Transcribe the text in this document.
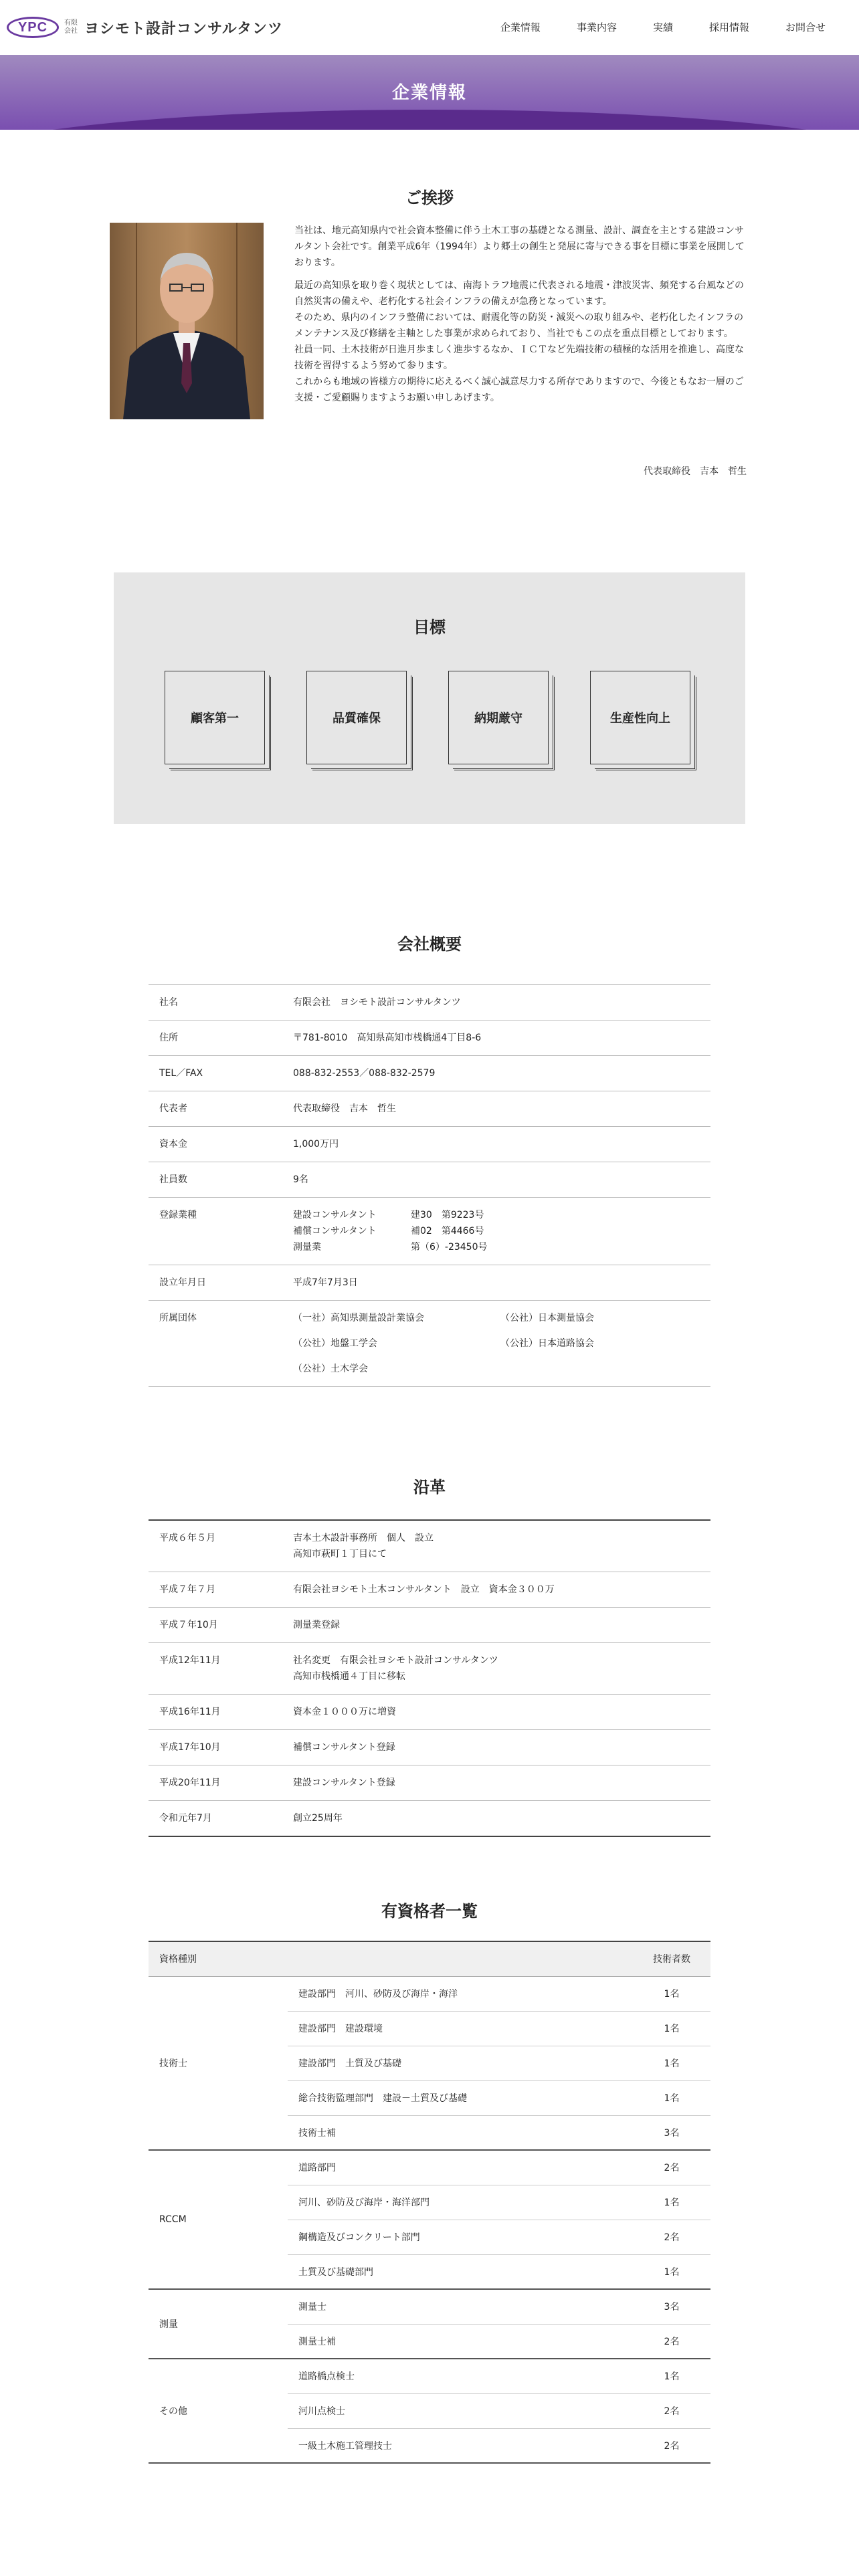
YPC	有限会社 ヨシモト設計コンサルタンツ	企業情報	事業内容	実績	採用情報	お問合せ
企業情報
ご挨拶

当社は、地元高知県内で社会資本整備に伴う土木工事の基礎となる測量、設計、調査を主とする建設コンサルタント会社です。創業平成6年（1994年）より郷土の創生と発展に寄与できる事を目標に事業を展開しております。

最近の高知県を取り巻く現状としては、南海トラフ地震に代表される地震・津波災害、頻発する台風などの自然災害の備えや、老朽化する社会インフラの備えが急務となっています。

そのため、県内のインフラ整備においては、耐震化等の防災・減災への取り組みや、老朽化したインフラのメンテナンス及び修繕を主軸とした事業が求められており、当社でもこの点を重点目標としております。

社員一同、土木技術が日進月歩ましく進歩するなか、ＩＣＴなど先端技術の積極的な活用を推進し、高度な技術を習得するよう努めて参ります。

これからも地域の皆様方の期待に応えるべく誠心誠意尽力する所存でありますので、今後ともなお一層のご支援・ご愛顧賜りますようお願い申しあげます。

代表取締役　吉本　哲生
目標
顧客第一	品質確保	納期厳守	生産性向上
会社概要
社名	有限会社　ヨシモト設計コンサルタンツ
住所	〒781-8010　高知県高知市桟橋通4丁目8-6
TEL／FAX	088-832-2553／088-832-2579
代表者	代表取締役　吉本　哲生
資本金	1,000万円
社員数	9名
登録業種	建設コンサルタント 建30　第9223号
補償コンサルタント 補02　第4466号
測量業 第（6）-23450号

設立年月日	平成7年7月3日
所属団体	（一社）高知県測量設計業協会 （公社）日本測量協会
（公社）地盤工学会 （公社）日本道路協会
（公社）土木学会
沿革
平成６年５月	吉本土木設計事務所　個人　設立
高知市萩町１丁目にて

平成７年７月	有限会社ヨシモト土木コンサルタント　設立　資本金３００万

平成７年10月	測量業登録

平成12年11月	社名変更　有限会社ヨシモト設計コンサルタンツ
高知市桟橋通４丁目に移転

平成16年11月	資本金１０００万に増資

平成17年10月	補償コンサルタント登録

平成20年11月	建設コンサルタント登録

令和元年7月	創立25周年
有資格者一覧
資格種別		技術者数
技術士	建設部門　河川、砂防及び海岸・海洋	1名
	建設部門　建設環境	1名
	建設部門　土質及び基礎	1名
	総合技術監理部門　建設－土質及び基礎	1名
	技術士補	3名
RCCM	道路部門	2名
	河川、砂防及び海岸・海洋部門	1名
	鋼構造及びコンクリート部門	2名
	土質及び基礎部門	1名
測量	測量士	3名
	測量士補	2名
その他	道路橋点検士	1名
	河川点検士	2名
	一級土木施工管理技士	2名
